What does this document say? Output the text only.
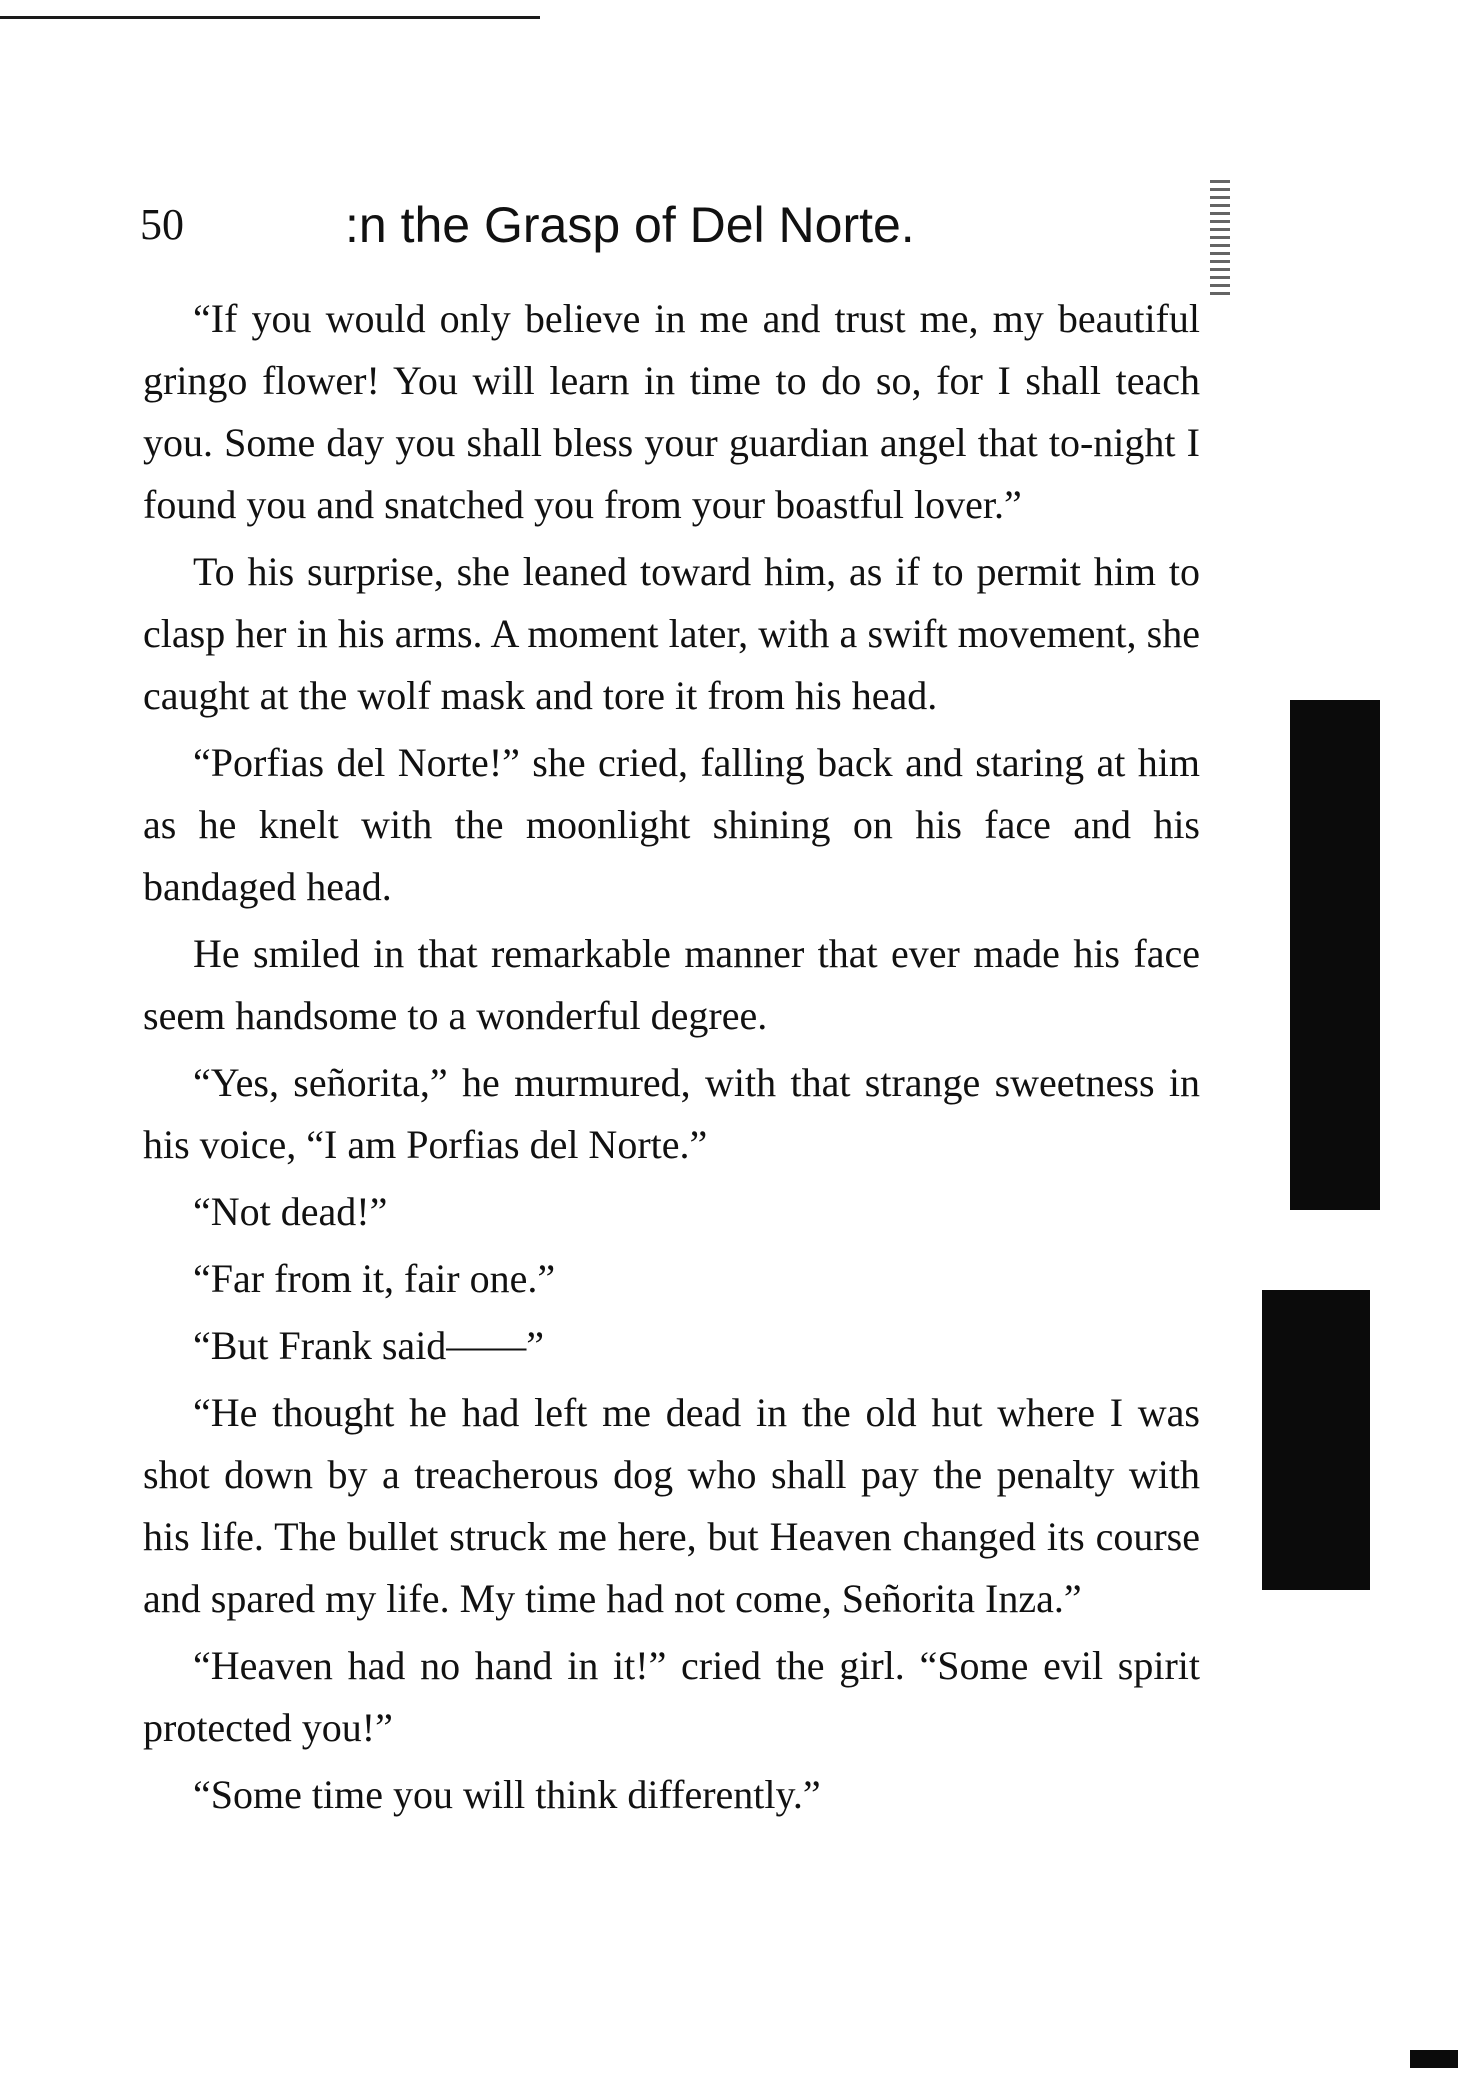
50	:n the Grasp of Del Norte.

“If you would only believe in me and trust me, my beautiful gringo flower! You will learn in time to do so, for I shall teach you. Some day you shall bless your guardian angel that to-night I found you and snatched you from your boastful lover.”

To his surprise, she leaned toward him, as if to permit him to clasp her in his arms. A moment later, with a swift movement, she caught at the wolf mask and tore it from his head.

“Porfias del Norte!” she cried, falling back and staring at him as he knelt with the moonlight shining on his face and his bandaged head.

He smiled in that remarkable manner that ever made his face seem handsome to a wonderful degree.

“Yes, señorita,” he murmured, with that strange sweetness in his voice, “I am Porfias del Norte.”

“Not dead!”

“Far from it, fair one.”

“But Frank said——”

“He thought he had left me dead in the old hut where I was shot down by a treacherous dog who shall pay the penalty with his life. The bullet struck me here, but Heaven changed its course and spared my life. My time had not come, Señorita Inza.”

“Heaven had no hand in it!” cried the girl. “Some evil spirit protected you!”

“Some time you will think differently.”
